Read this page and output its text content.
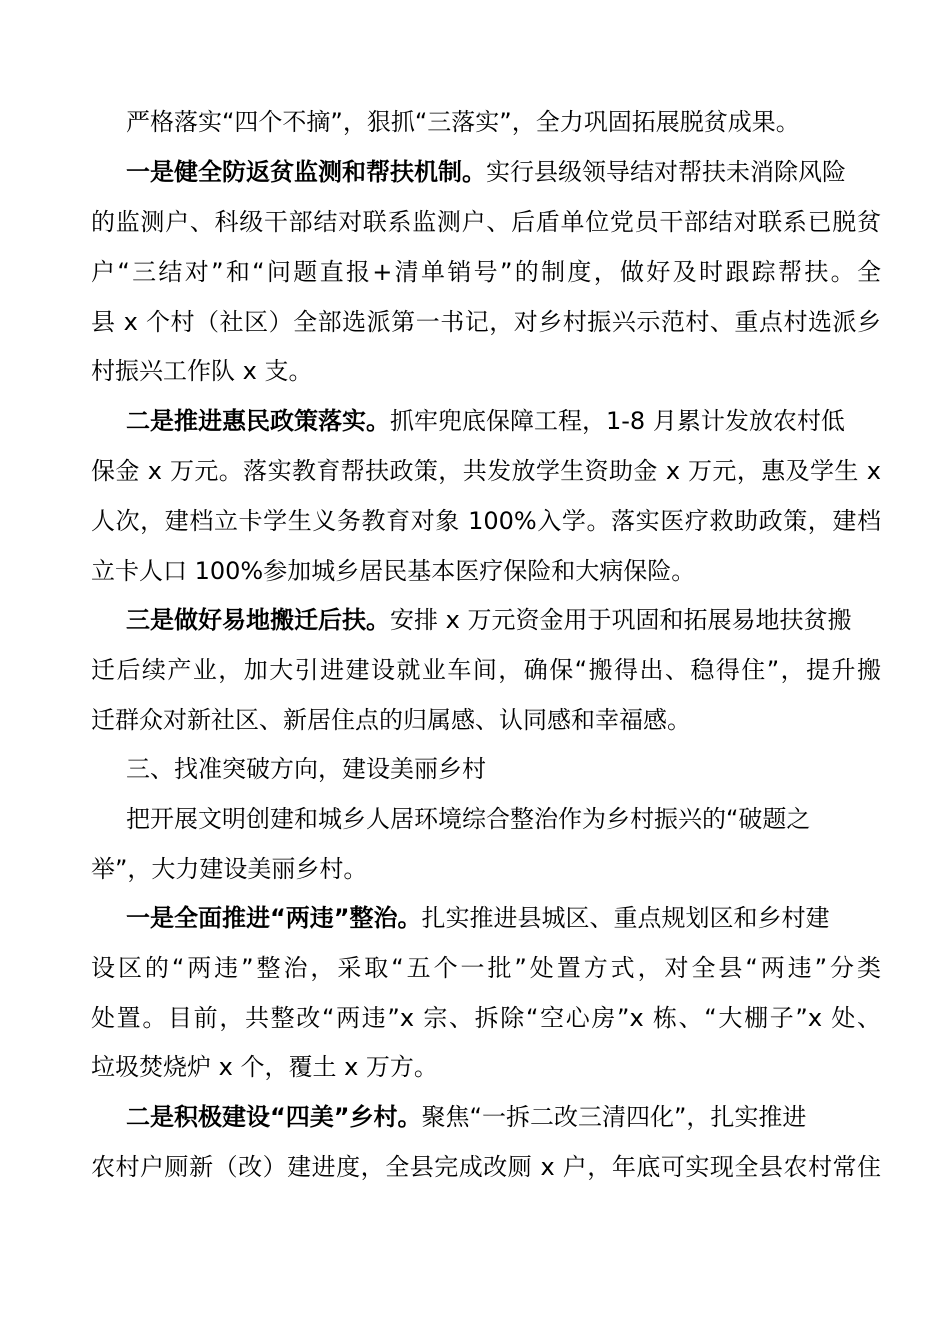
严格落实“四个不摘”，狠抓“三落实”，全力巩固拓展脱贫成果。
一是健全防返贫监测和帮扶机制。实行县级领导结对帮扶未消除风险
的监测户、科级干部结对联系监测户、后盾单位党员干部结对联系已脱贫
户“三结对”和“问题直报+清单销号”的制度，做好及时跟踪帮扶。全
县 x 个村（社区）全部选派第一书记，对乡村振兴示范村、重点村选派乡
村振兴工作队 x 支。
二是推进惠民政策落实。抓牢兜底保障工程，1-8 月累计发放农村低
保金 x 万元。落实教育帮扶政策，共发放学生资助金 x 万元，惠及学生 x
人次，建档立卡学生义务教育对象 100%入学。落实医疗救助政策，建档
立卡人口 100%参加城乡居民基本医疗保险和大病保险。
三是做好易地搬迁后扶。安排 x 万元资金用于巩固和拓展易地扶贫搬
迁后续产业，加大引进建设就业车间，确保“搬得出、稳得住”，提升搬
迁群众对新社区、新居住点的归属感、认同感和幸福感。
三、找准突破方向，建设美丽乡村
把开展文明创建和城乡人居环境综合整治作为乡村振兴的“破题之
举”，大力建设美丽乡村。
一是全面推进“两违”整治。扎实推进县城区、重点规划区和乡村建
设区的“两违”整治，采取“五个一批”处置方式，对全县“两违”分类
处置。目前，共整改“两违”x 宗、拆除“空心房”x 栋、“大棚子”x 处、
垃圾焚烧炉 x 个，覆土 x 万方。
二是积极建设“四美”乡村。聚焦“一拆二改三清四化”，扎实推进
农村户厕新（改）建进度，全县完成改厕 x 户，年底可实现全县农村常住
